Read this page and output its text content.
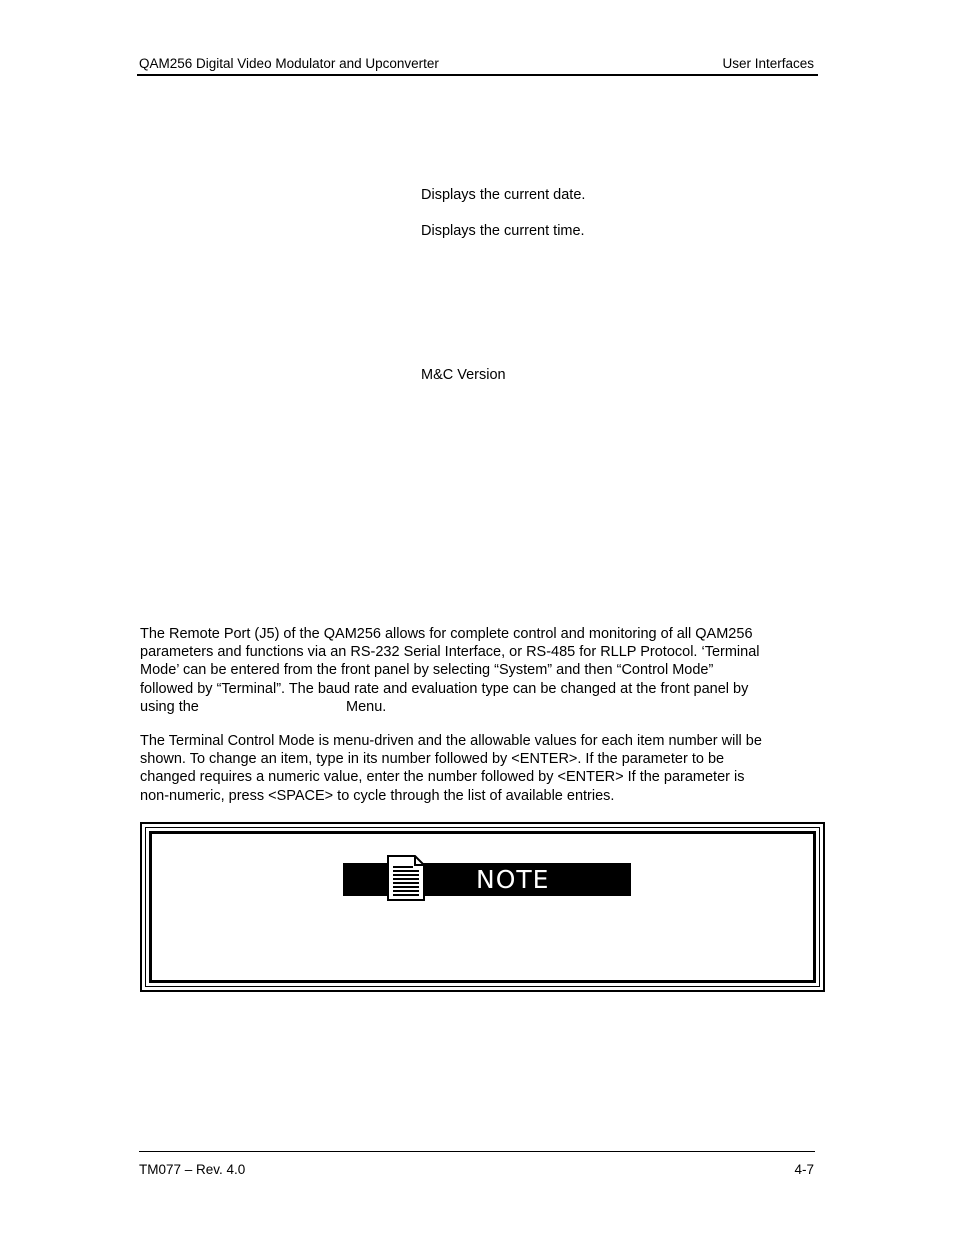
QAM256 Digital Video Modulator and Upconverter	User Interfaces
Displays the current date.
Displays the current time.
M&C Version
The Remote Port (J5) of the QAM256 allows for complete control and monitoring of all QAM256
parameters and functions via an RS-232 Serial Interface, or RS-485 for RLLP Protocol. ‘Terminal
Mode’ can be entered from the front panel by selecting “System” and then “Control Mode”
followed by “Terminal”. The baud rate and evaluation type can be changed at the front panel by
using the	Menu.
The Terminal Control Mode is menu-driven and the allowable values for each item number will be
shown. To change an item, type in its number followed by <ENTER>. If the parameter to be
changed requires a numeric value, enter the number followed by <ENTER> If the parameter is
non-numeric, press <SPACE> to cycle through the list of available entries.
NOTE
TM077 – Rev. 4.0	4-7
